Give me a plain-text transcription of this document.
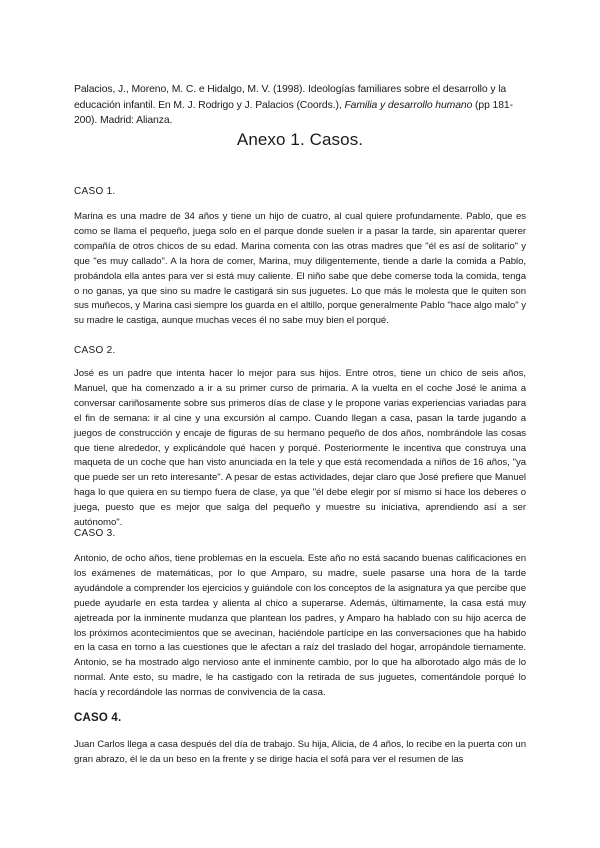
Palacios, J., Moreno, M. C. e Hidalgo, M. V. (1998). Ideologías familiares sobre el desarrollo y la educación infantil. En M. J. Rodrigo y J. Palacios (Coords.), Familia y desarrollo humano (pp 181-200). Madrid: Alianza.

Anexo 1. Casos.

CASO 1.

Marina es una madre de 34 años y tiene un hijo de cuatro, al cual quiere profundamente. Pablo, que es como se llama el pequeño, juega solo en el parque donde suelen ir a pasar la tarde, sin aparentar querer compañía de otros chicos de su edad. Marina comenta con las otras madres que "él es así de solitario" y que "es muy callado". A la hora de comer, Marina, muy diligentemente, tiende a darle la comida a Pablo, probándola ella antes para ver si está muy caliente. El niño sabe que debe comerse toda la comida, tenga o no ganas, ya que sino su madre le castigará sin sus juguetes. Lo que más le molesta que le quiten son sus muñecos, y Marina casi siempre los guarda en el altillo, porque generalmente Pablo "hace algo malo" y su madre le castiga, aunque muchas veces él no sabe muy bien el porqué.

CASO 2.

José es un padre que intenta hacer lo mejor para sus hijos. Entre otros, tiene un chico de seis años, Manuel, que ha comenzado a ir a su primer curso de primaria. A la vuelta en el coche José le anima a conversar cariñosamente sobre sus primeros días de clase y le propone varias experiencias variadas para el fin de semana: ir al cine y una excursión al campo. Cuando llegan a casa, pasan la tarde jugando a juegos de construcción y encaje de figuras de su hermano pequeño de dos años, nombrándole las cosas que tiene alrededor, y explicándole qué hacen y porqué. Posteriormente le incentiva que construya una maqueta de un coche que han visto anunciada en la tele y que está recomendada a niños de 16 años, "ya que puede ser un reto interesante". A pesar de estas actividades, dejar claro que José prefiere que Manuel haga lo que quiera en su tiempo fuera de clase, ya que "él debe elegir por sí mismo si hace los deberes o juega, puesto que es mejor que salga del pequeño y muestre su iniciativa, aprendiendo así a ser autónomo".

CASO 3.

Antonio, de ocho años, tiene problemas en la escuela. Este año no está sacando buenas calificaciones en los exámenes de matemáticas, por lo que Amparo, su madre, suele pasarse una hora de la tarde ayudándole a comprender los ejercicios y guiándole con los conceptos de la asignatura ya que percibe que puede ayudarle en esta tardea y alienta al chico a superarse. Además, últimamente, la casa está muy ajetreada por la inminente mudanza que plantean los padres, y Amparo ha hablado con su hijo acerca de los próximos acontecimientos que se avecinan, haciéndole partícipe en las conversaciones que ha habido en la casa en torno a las cuestiones que le afectan a raíz del traslado del hogar, arropándole tiernamente. Antonio, se ha mostrado algo nervioso ante el inminente cambio, por lo que ha alborotado algo más de lo normal. Ante esto, su madre, le ha castigado con la retirada de sus juguetes, comentándole porqué lo hacía y recordándole las normas de convivencia de la casa.

CASO 4.

Juan Carlos llega a casa después del día de trabajo. Su hija, Alicia, de 4 años, lo recibe en la puerta con un gran abrazo, él le da un beso en la frente y se dirige hacia el sofá para ver el resumen de las
